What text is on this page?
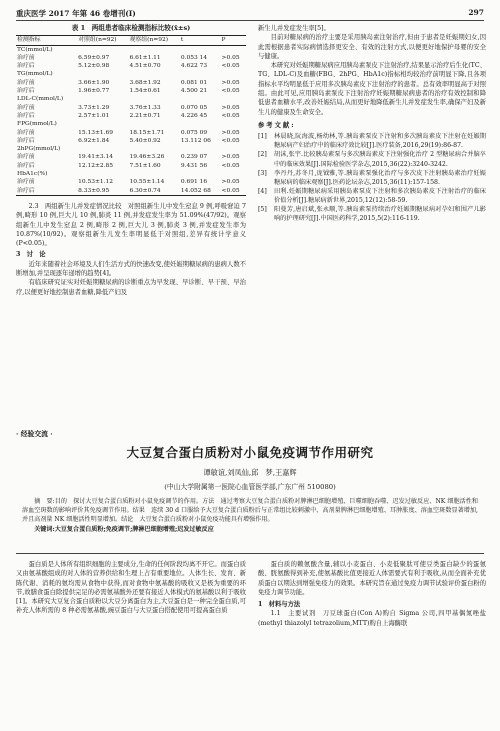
重庆医学 2017 年第 46 卷增刊(Ⅰ)	297
表 1　两组患者临床检测指标比较(x̄±s)
检测指标	对照组(n=92)	观察组(n=92)	t	P
TC(mmol/L)				
治疗前	6.59±0.97	6.61±1.11	0.053 14	>0.05
治疗后	5.12±0.98	4.51±0.70	4.622 73	<0.05
TG(mmol/L)				
治疗前	3.66±1.90	3.68±1.92	0.081 01	>0.05
治疗后	1.96±0.77	1.54±0.61	4.500 21	<0.05
LDL-C(mmol/L)				
治疗前	3.73±1.29	3.76±1.33	0.070 05	>0.05
治疗后	2.57±1.01	2.21±0.71	4.226 45	<0.05
FPG(mmol/L)				
治疗前	15.13±1.69	18.15±1.71	0.075 09	>0.05
治疗后	6.92±1.84	5.40±0.92	13.112 06	<0.05
2hPG(mmol/L)				
治疗前	19.41±3.14	19.46±3.26	0.239 07	>0.05
治疗后	12.12±2.85	7.51±1.60	9.431 56	<0.05
HbA1c(%)				
治疗前	10.53±1.12	10.55±1.14	0.691 16	>0.05
治疗后	8.33±0.95	6.30±0.74	14.052 68	<0.05

2.3　两组新生儿并发症情况比较　对照组新生儿中发生窒息 9 例,呼吸窘迫 7 例,畸形 10 例,巨大儿 10 例,肺炎 11 例,并发症发生率为 51.09%(47/92)。观察组新生儿中发生窒息 2 例,畸形 2 例,巨大儿 3 例,肺炎 3 例,并发症发生率为 10.87%(10/92)。观察组新生儿发生率明显低于对照组,差异有统计学意义(P<0.05)。

3　讨　论

近年来随着社会环境及人们生活方式的快速改变,使妊娠期糖尿病的患病人数不断增加,并呈现逐年递增的趋势[4]。

有临床研究证实对妊娠期糖尿病的诊断重点为早发现、早诊断、早干预、早治疗,以便更好地控制患者血糖,降低产妇及

新生儿并发症发生率[5]。

目前对糖尿病的治疗主要是采用胰岛素注射治疗,但由于患者是妊娠期妇女,因此需根据患者实际病情选择更安全、有效的注射方式,以便更好地保护母婴的安全与健康。

本研究对妊娠期糖尿病应用胰岛素泵皮下注射治疗,结果显示治疗后生化(TC、TG、LDL-C)及血糖(FBG、2hPG、HbA1c)指标相均较治疗前明显下降,且各项指标水平均明显低于应用多次胰岛素皮下注射治疗的患者。总有效率明显高于对照组。由此可见,应用胰岛素泵皮下注射治疗妊娠期糖尿病患者的治疗有效控制和降低患者血糖水平,改善妊娠结局,从而更好地降低新生儿并发症发生率,确保产妇及新生儿的健康及生命安全。

参考文献:
[1]	林晨晓,阮海波,杨幼林,等.胰岛素泵皮下注射和多次胰岛素皮下注射在妊娠期糖尿病产妇治疗中的临床疗效比较[J].医疗装备,2016,29(19):86-87.
[2]	胡沫,张宇.比较胰岛素泵与多次胰岛素皮下注射强化治疗 2 型糖尿病合并脑卒中的临床效果[J].国际检验医学杂志,2015,36(22):3240-3242.
[3]	李丹丹,苏冬月,庞钺雅,等.胰岛素泵强化治疗与多次皮下注射胰岛素治疗妊娠糖尿病的临床观察[J].医药论坛杂志,2015,36(11):157-158.
[4]	田利.妊娠期糖尿病采用胰岛素泵皮下注射和多次胰岛素皮下注射治疗的临床价值分析[J].糖尿病新世界,2015,12(12):58-59.
[5]	阳曼芳,唐启斌,张永顺,等.胰岛素泵持续治疗妊娠期糖尿病对孕妇和围产儿影响的护理研究[J].中国医药科学,2015,5(2):116-119.
· 经验交流 ·
大豆复合蛋白质粉对小鼠免疫调节作用研究
谭敏谊,刘凤仙,邱　梦,王嘉辉
(中山大学附属第一医院心血管医学部,广东广州 510080)
摘　要:目的　探讨大豆复合蛋白质粉对小鼠免疫调节的作用。方法　通过考察大豆复合蛋白质粉对脾淋巴细胞增殖、巨噬细胞吞噬、迟发过敏反应、NK 细胞活性和溶血空斑数的影响评价其免疫调节作用。结果　连续 30 d 口服给予大豆复合蛋白质粉后与正常组比较刺激中、高剂量脾淋巴细胞增殖、耳肿胀度、溶血空斑数显著增加,并且高剂量 NK 细胞活性明显增加。结论　大豆复合蛋白质粉对小鼠免疫功能具有增强作用。
关键词:大豆复合蛋白质粉;免疫调节;脾淋巴细胞增殖;迟发过敏反应

蛋白质是人体所有组织细胞的主要成分,生命的任何阶段均离不开它。而蛋白质又由氨基酸组成的对人体的营养供给和生理上占有重要地位。人体生长、发育、新陈代谢、消耗的氨均需从食物中获得,而对食物中氨基酸的吸收又是极为重要的环节,故膳食蛋白除提供完足的必需氨基酸外还要有接近人体模式的氨基酸以利于吸收[1]。本研究大豆复合蛋白质粉以大豆分离蛋白为主,大豆蛋白是一种完全蛋白质,可补充人体所需的 8 种必需氨基酸,豌豆蛋白与大豆蛋白搭配使用可提高蛋白质

蛋白质的赖氨酸含量,辅以小麦蛋白、小麦低聚肽可使豆类蛋白缺少的蛋氨酸、胱氨酸得到补充,使氨基酸比值更接近人体需要式有利于吸收,从而全面补充优质蛋白以期达到增强免疫力的效果。本研究旨在通过免疫力调节试验评价蛋白粉的免疫力调节功能。

1　材料与方法

1.1　主要试剂　刀豆球蛋白(Con A)购自 Sigma 公司,四甲基偶氮唑盐(methyl thiazolyl tetrazolium,MTT)购自上海酶联
